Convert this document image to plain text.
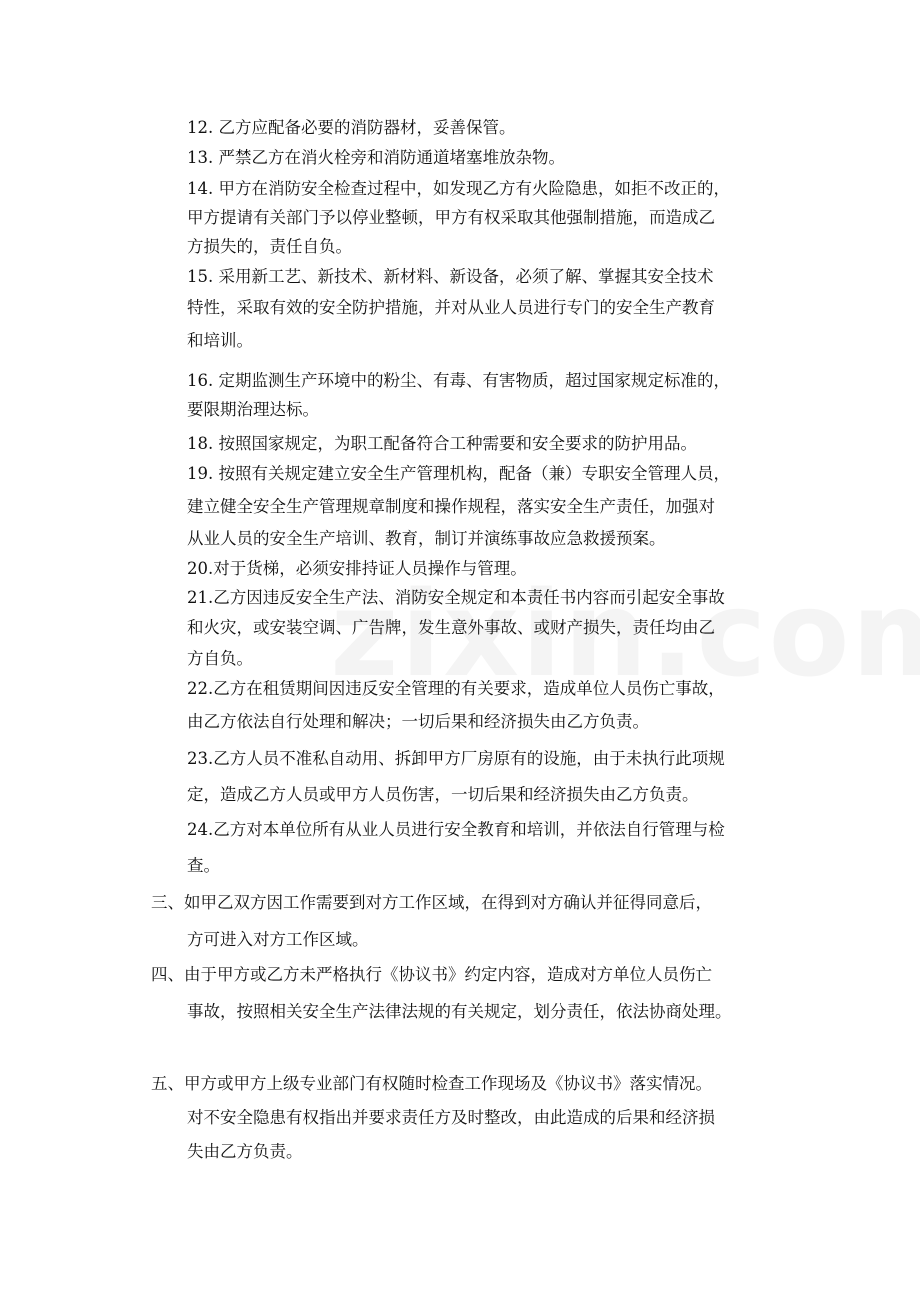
12. 乙方应配备必要的消防器材，妥善保管。
13. 严禁乙方在消火栓旁和消防通道堵塞堆放杂物。
14. 甲方在消防安全检查过程中，如发现乙方有火险隐患，如拒不改正的，
甲方提请有关部门予以停业整顿，甲方有权采取其他强制措施，而造成乙
方损失的，责任自负。
15. 采用新工艺、新技术、新材料、新设备，必须了解、掌握其安全技术
特性，采取有效的安全防护措施，并对从业人员进行专门的安全生产教育
和培训。
16. 定期监测生产环境中的粉尘、有毒、有害物质，超过国家规定标准的，
要限期治理达标。
18. 按照国家规定，为职工配备符合工种需要和安全要求的防护用品。
19. 按照有关规定建立安全生产管理机构，配备（兼）专职安全管理人员，
建立健全安全生产管理规章制度和操作规程，落实安全生产责任，加强对
从业人员的安全生产培训、教育，制订并演练事故应急救援预案。
20.对于货梯，必须安排持证人员操作与管理。
21.乙方因违反安全生产法、消防安全规定和本责任书内容而引起安全事故
和火灾，或安装空调、广告牌，发生意外事故、或财产损失，责任均由乙
方自负。
22.乙方在租赁期间因违反安全管理的有关要求，造成单位人员伤亡事故，
由乙方依法自行处理和解决；一切后果和经济损失由乙方负责。
23.乙方人员不准私自动用、拆卸甲方厂房原有的设施，由于未执行此项规
定，造成乙方人员或甲方人员伤害，一切后果和经济损失由乙方负责。
24.乙方对本单位所有从业人员进行安全教育和培训，并依法自行管理与检
查。
三、如甲乙双方因工作需要到对方工作区域，在得到对方确认并征得同意后，
方可进入对方工作区域。
四、由于甲方或乙方未严格执行《协议书》约定内容，造成对方单位人员伤亡
事故，按照相关安全生产法律法规的有关规定，划分责任，依法协商处理。
五、甲方或甲方上级专业部门有权随时检查工作现场及《协议书》落实情况。
对不安全隐患有权指出并要求责任方及时整改，由此造成的后果和经济损
失由乙方负责。
